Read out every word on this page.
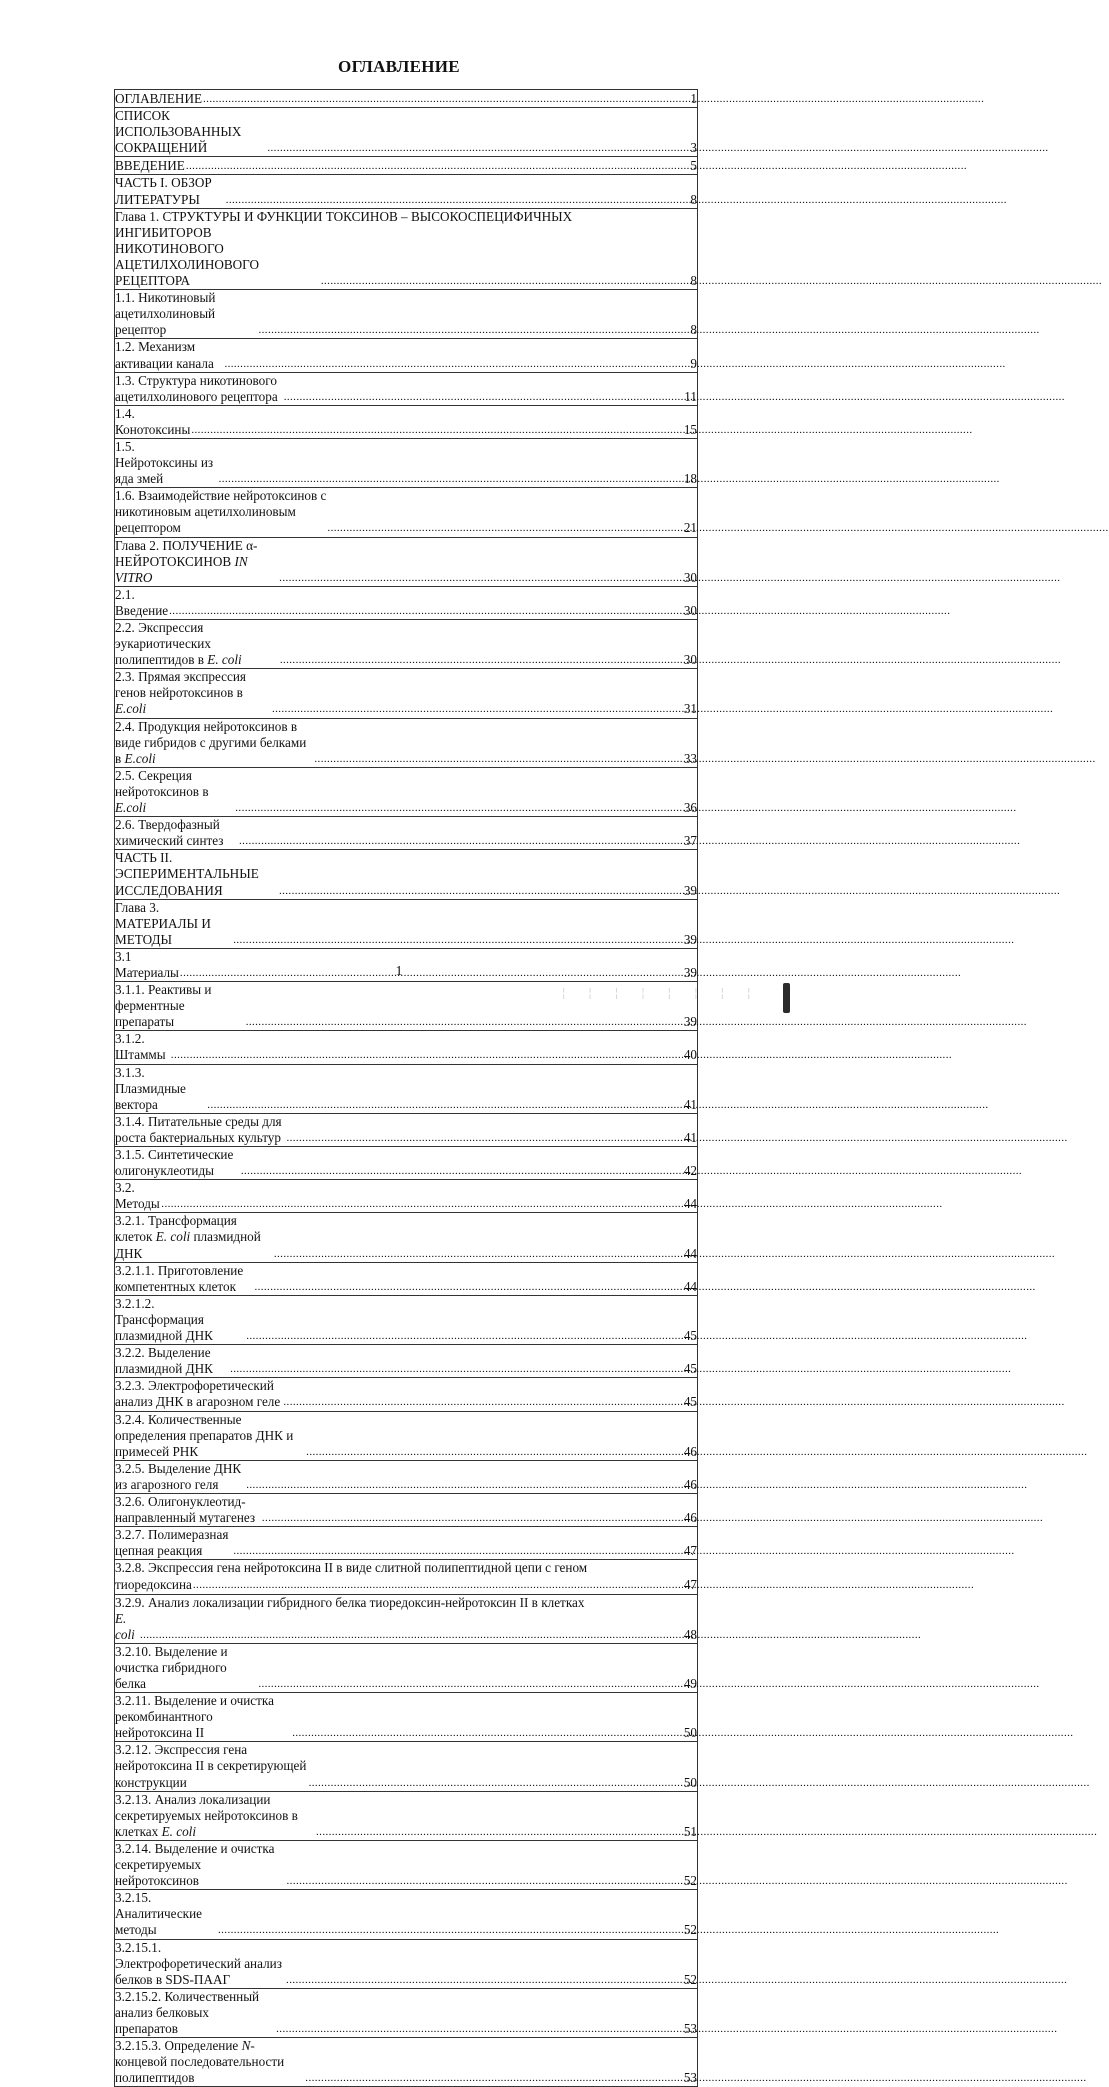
ОГЛАВЛЕНИЕ
ОГЛАВЛЕНИЕ .....	1

СПИСОК ИСПОЛЬЗОВАННЫХ СОКРАЩЕНИЙ .....	3

ВВЕДЕНИЕ .....	5

ЧАСТЬ I. ОБЗОР ЛИТЕРАТУРЫ .....	8

Глава 1. СТРУКТУРЫ И ФУНКЦИИ ТОКСИНОВ – ВЫСОКОСПЕЦИФИЧНЫХ
ИНГИБИТОРОВ НИКОТИНОВОГО АЦЕТИЛХОЛИНОВОГО РЕЦЕПТОРА .....	8

1.1. Никотиновый ацетилхолиновый рецептор .....	8

1.2. Механизм активации канала .....	9

1.3. Структура никотинового ацетилхолинового рецептора .....	11

1.4. Конотоксины .....	15

1.5. Нейротоксины из яда змей .....	18

1.6. Взаимодействие нейротоксинов с никотиновым ацетилхолиновым рецептором .....	21

Глава 2. ПОЛУЧЕНИЕ α-НЕЙРОТОКСИНОВ IN VITRO .....	30

2.1. Введение .....	30

2.2. Экспрессия эукариотических полипептидов в E. coli .....	30

2.3. Прямая экспрессия генов нейротоксинов в E.coli .....	31

2.4. Продукция нейротоксинов в виде гибридов с другими белками в E.coli .....	33

2.5. Секреция нейротоксинов в E.coli .....	36

2.6. Твердофазный химический синтез .....	37

ЧАСТЬ II. ЭСПЕРИМЕНТАЛЬНЫЕ ИССЛЕДОВАНИЯ .....	39

Глава 3. МАТЕРИАЛЫ И МЕТОДЫ .....	39

3.1 Материалы .....	39

3.1.1. Реактивы и ферментные препараты .....	39

3.1.2. Штаммы .....	40

3.1.3. Плазмидные вектора .....	41

3.1.4. Питательные среды для роста бактериальных культур .....	41

3.1.5. Синтетические олигонуклеотиды .....	42

3.2. Методы .....	44

3.2.1. Трансформация клеток E. coli плазмидной ДНК .....	44

3.2.1.1. Приготовление компетентных клеток .....	44

3.2.1.2. Трансформация плазмидной ДНК .....	45

3.2.2. Выделение плазмидной ДНК .....	45

3.2.3. Электрофоретический анализ ДНК в агарозном геле .....	45

3.2.4. Количественные определения препаратов ДНК и примесей РНК .....	46

3.2.5. Выделение ДНК из агарозного геля .....	46

3.2.6. Олигонуклеотид-направленный мутагенез .....	46

3.2.7. Полимеразная цепная реакция .....	47

3.2.8. Экспрессия гена нейротоксина II в виде слитной полипептидной цепи с геном
тиоредоксина .....	47

3.2.9. Анализ локализации гибридного белка тиоредоксин-нейротоксин II в клетках
E. coli .....	48

3.2.10. Выделение и очистка гибридного белка .....	49

3.2.11. Выделение и очистка рекомбинантного нейротоксина II .....	50

3.2.12. Экспрессия гена нейротоксина II в секретирующей конструкции .....	50

3.2.13. Анализ локализации секретируемых нейротоксинов в клетках E. coli .....	51

3.2.14. Выделение и очистка секретируемых нейротоксинов .....	52

3.2.15. Аналитические методы .....	52

3.2.15.1. Электрофоретический анализ белков в SDS-ПААГ .....	52

3.2.15.2. Количественный анализ белковых препаратов .....	53

3.2.15.3. Определение N-концевой последовательности полипептидов .....	53
1
¦ ¦ ¦ ¦ ¦ ¦ ¦ ¦
